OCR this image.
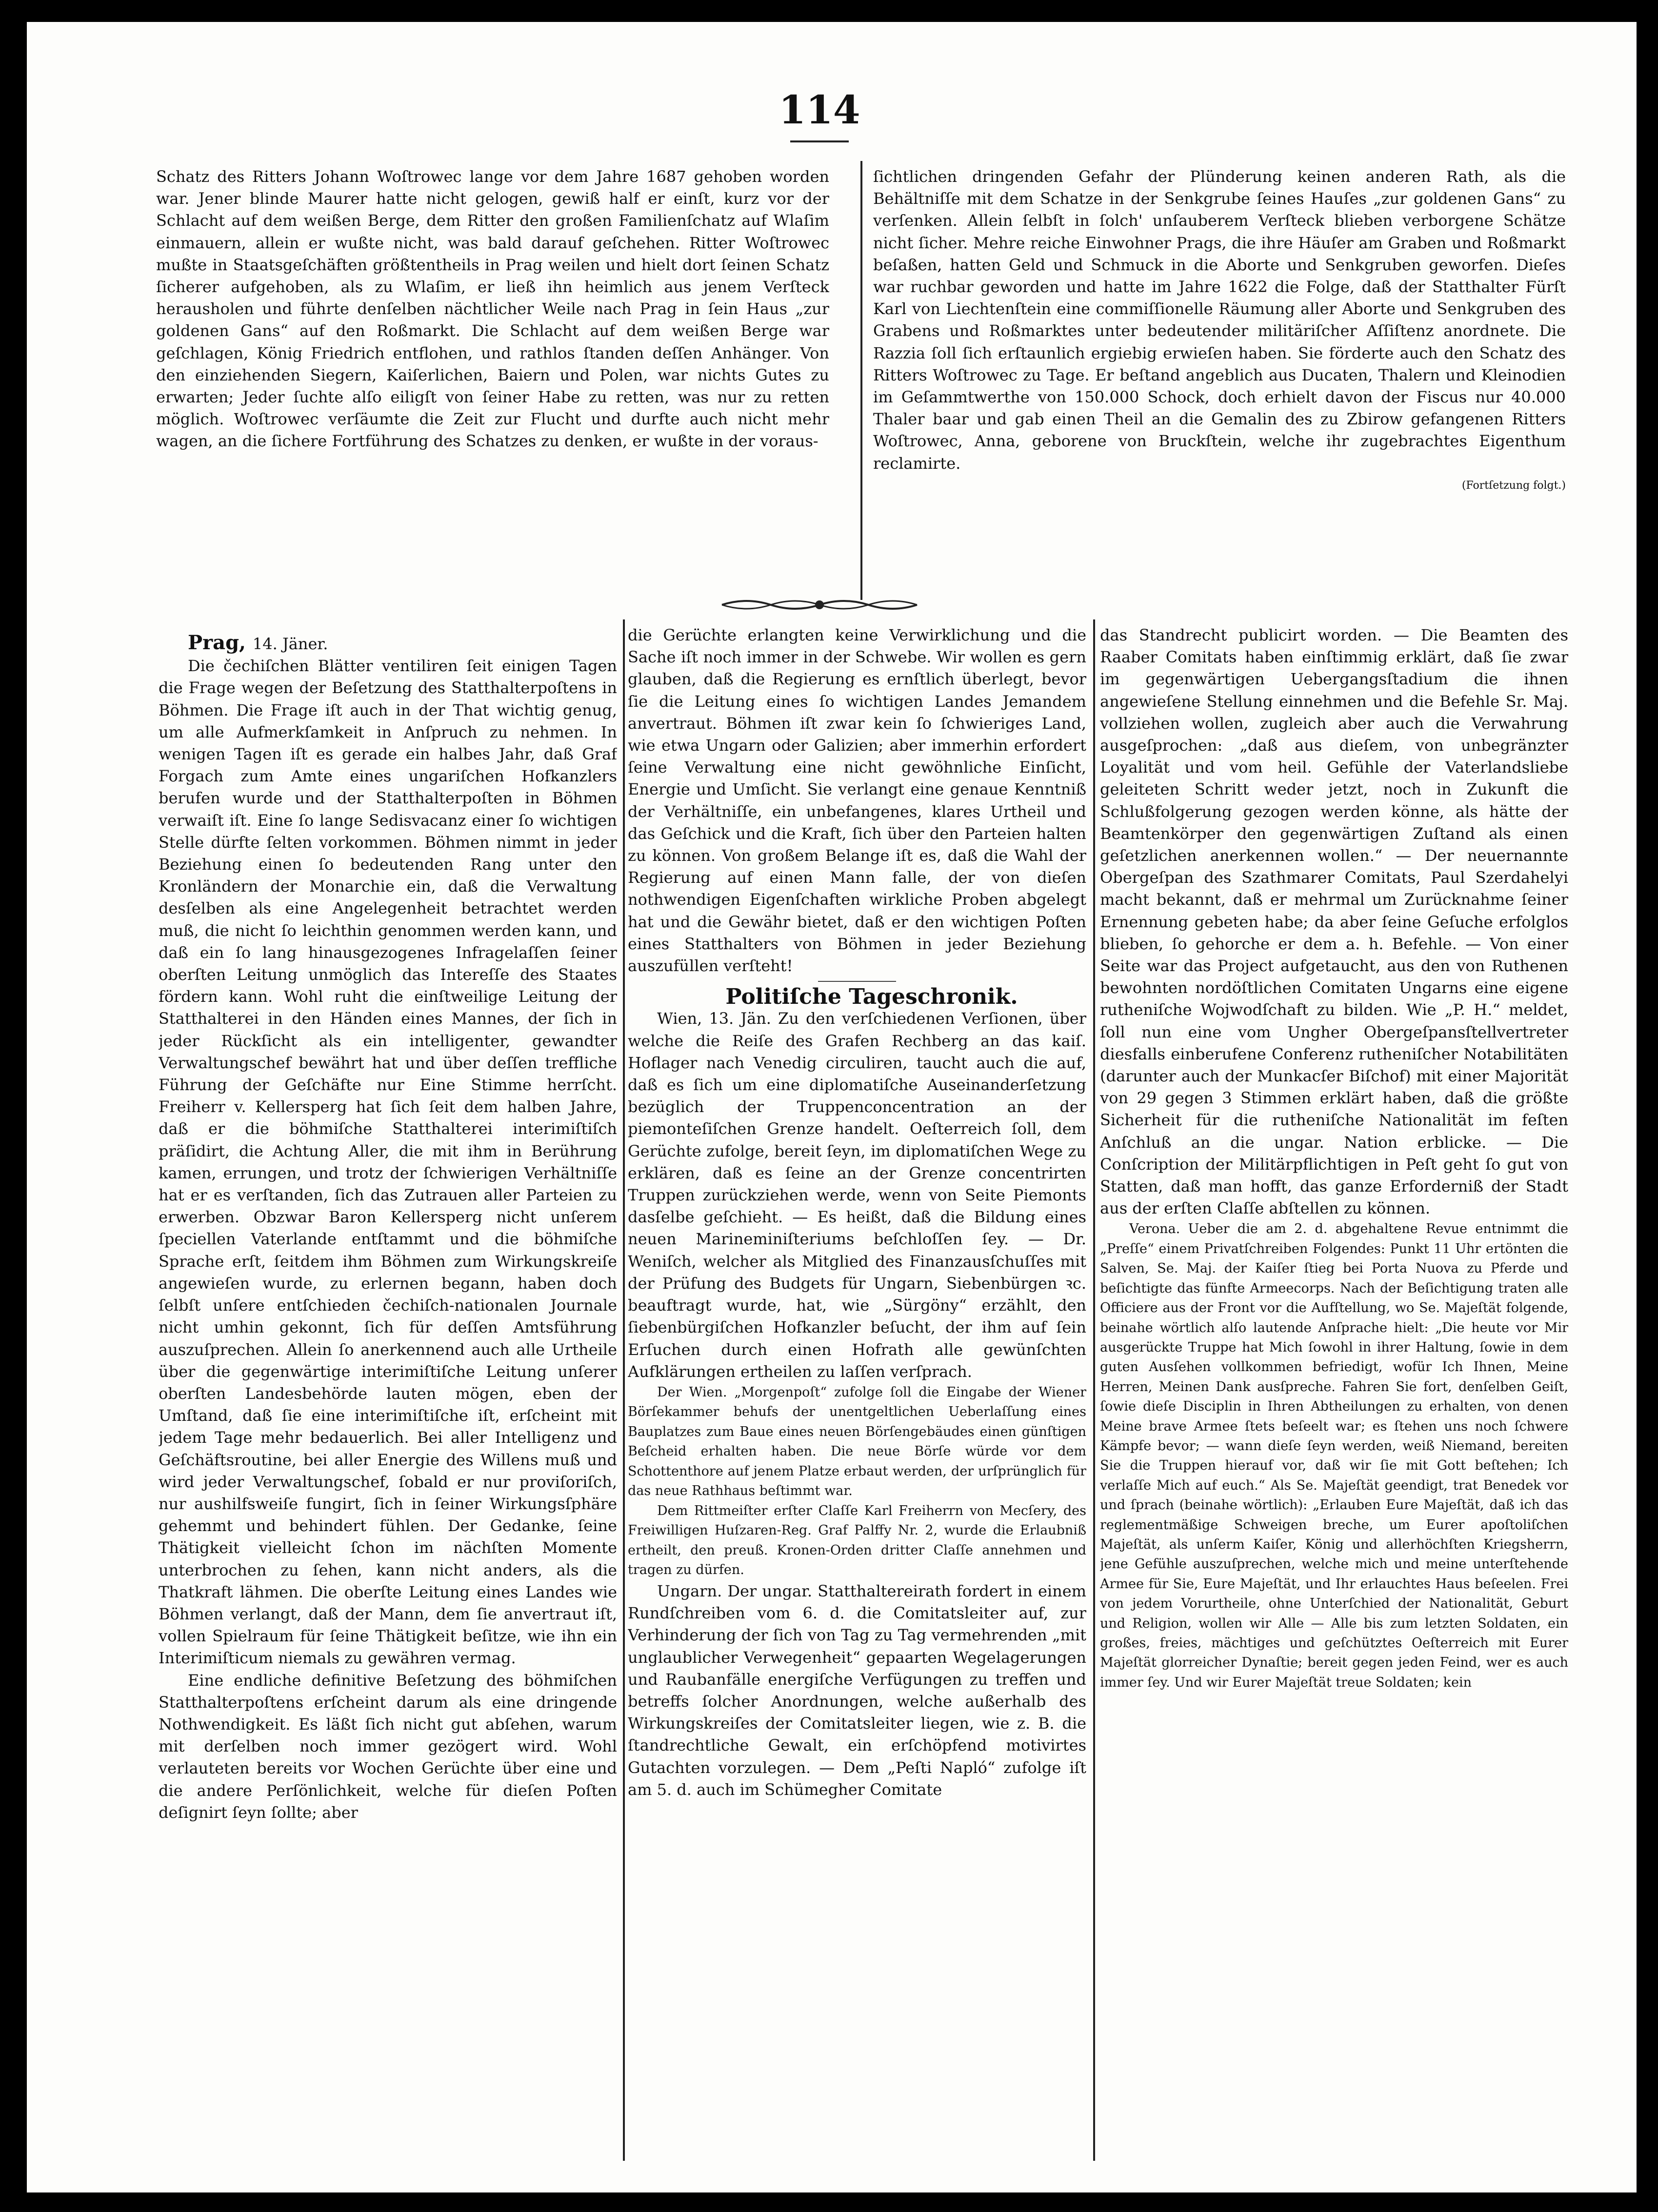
114

Schatz des Ritters Johann Woſtrowec lange vor dem Jahre 1687 gehoben worden war. Jener blinde Maurer hatte nicht gelogen, gewiß half er einſt, kurz vor der Schlacht auf dem weißen Berge, dem Ritter den großen Familienſchatz auf Wlaſim einmauern, allein er wußte nicht, was bald darauf geſchehen. Ritter Woſtrowec mußte in Staatsgeſchäften größtentheils in Prag weilen und hielt dort ſeinen Schatz ſicherer aufgehoben, als zu Wlaſim, er ließ ihn heimlich aus jenem Verſteck herausholen und führte denſelben nächtlicher Weile nach Prag in ſein Haus „zur goldenen Gans“ auf den Roßmarkt. Die Schlacht auf dem weißen Berge war geſchlagen, König Friedrich entflohen, und rathlos ſtanden deſſen Anhänger. Von den einziehenden Siegern, Kaiſerlichen, Baiern und Polen, war nichts Gutes zu erwarten; Jeder ſuchte alſo eiligſt von ſeiner Habe zu retten, was nur zu retten möglich. Woſtrowec verſäumte die Zeit zur Flucht und durfte auch nicht mehr wagen, an die ſichere Fortführung des Schatzes zu denken, er wußte in der voraus-

ſichtlichen dringenden Gefahr der Plünderung keinen anderen Rath, als die Behältniſſe mit dem Schatze in der Senkgrube ſeines Hauſes „zur goldenen Gans“ zu verſenken. Allein ſelbſt in ſolch' unſauberem Verſteck blieben verborgene Schätze nicht ſicher. Mehre reiche Einwohner Prags, die ihre Häuſer am Graben und Roßmarkt beſaßen, hatten Geld und Schmuck in die Aborte und Senkgruben geworfen. Dieſes war ruchbar geworden und hatte im Jahre 1622 die Folge, daß der Statthalter Fürſt Karl von Liechtenſtein eine commiſſionelle Räumung aller Aborte und Senkgruben des Grabens und Roßmarktes unter bedeutender militäriſcher Aſſiſtenz anordnete. Die Razzia ſoll ſich erſtaunlich ergiebig erwieſen haben. Sie förderte auch den Schatz des Ritters Woſtrowec zu Tage. Er beſtand angeblich aus Ducaten, Thalern und Kleinodien im Geſammtwerthe von 150.000 Schock, doch erhielt davon der Fiscus nur 40.000 Thaler baar und gab einen Theil an die Gemalin des zu Zbirow gefangenen Ritters Woſtrowec, Anna, geborene von Bruckſtein, welche ihr zugebrachtes Eigenthum reclamirte.

(Fortſetzung folgt.)

Prag, 14. Jäner.

Die čechiſchen Blätter ventiliren ſeit einigen Tagen die Frage wegen der Beſetzung des Statthalterpoſtens in Böhmen. Die Frage iſt auch in der That wichtig genug, um alle Aufmerkſamkeit in Anſpruch zu nehmen. In wenigen Tagen iſt es gerade ein halbes Jahr, daß Graf Forgach zum Amte eines ungariſchen Hofkanzlers berufen wurde und der Statthalterpoſten in Böhmen verwaiſt iſt. Eine ſo lange Sedisvacanz einer ſo wichtigen Stelle dürfte ſelten vorkommen. Böhmen nimmt in jeder Beziehung einen ſo bedeutenden Rang unter den Kronländern der Monarchie ein, daß die Verwaltung desſelben als eine Angelegenheit betrachtet werden muß, die nicht ſo leichthin genommen werden kann, und daß ein ſo lang hinausgezogenes Infragelaſſen ſeiner oberſten Leitung unmöglich das Intereſſe des Staates fördern kann. Wohl ruht die einſtweilige Leitung der Statthalterei in den Händen eines Mannes, der ſich in jeder Rückſicht als ein intelligenter, gewandter Verwaltungschef bewährt hat und über deſſen treffliche Führung der Geſchäfte nur Eine Stimme herrſcht. Freiherr v. Kellersperg hat ſich ſeit dem halben Jahre, daß er die böhmiſche Statthalterei interimiſtiſch präſidirt, die Achtung Aller, die mit ihm in Berührung kamen, errungen, und trotz der ſchwierigen Verhältniſſe hat er es verſtanden, ſich das Zutrauen aller Parteien zu erwerben. Obzwar Baron Kellersperg nicht unſerem ſpeciellen Vaterlande entſtammt und die böhmiſche Sprache erſt, ſeitdem ihm Böhmen zum Wirkungskreiſe angewieſen wurde, zu erlernen begann, haben doch ſelbſt unſere entſchieden čechiſch-nationalen Journale nicht umhin gekonnt, ſich für deſſen Amtsführung auszuſprechen. Allein ſo anerkennend auch alle Urtheile über die gegenwärtige interimiſtiſche Leitung unſerer oberſten Landesbehörde lauten mögen, eben der Umſtand, daß ſie eine interimiſtiſche iſt, erſcheint mit jedem Tage mehr bedauerlich. Bei aller Intelligenz und Geſchäftsroutine, bei aller Energie des Willens muß und wird jeder Verwaltungschef, ſobald er nur proviſoriſch, nur aushilfsweiſe fungirt, ſich in ſeiner Wirkungsſphäre gehemmt und behindert fühlen. Der Gedanke, ſeine Thätigkeit vielleicht ſchon im nächſten Momente unterbrochen zu ſehen, kann nicht anders, als die Thatkraft lähmen. Die oberſte Leitung eines Landes wie Böhmen verlangt, daß der Mann, dem ſie anvertraut iſt, vollen Spielraum für ſeine Thätigkeit beſitze, wie ihn ein Interimiſticum niemals zu gewähren vermag.

Eine endliche definitive Beſetzung des böhmiſchen Statthalterpoſtens erſcheint darum als eine dringende Nothwendigkeit. Es läßt ſich nicht gut abſehen, warum mit derſelben noch immer gezögert wird. Wohl verlauteten bereits vor Wochen Gerüchte über eine und die andere Perſönlichkeit, welche für dieſen Poſten deſignirt ſeyn ſollte; aber

die Gerüchte erlangten keine Verwirklichung und die Sache iſt noch immer in der Schwebe. Wir wollen es gern glauben, daß die Regierung es ernſtlich überlegt, bevor ſie die Leitung eines ſo wichtigen Landes Jemandem anvertraut. Böhmen iſt zwar kein ſo ſchwieriges Land, wie etwa Ungarn oder Galizien; aber immerhin erfordert ſeine Verwaltung eine nicht gewöhnliche Einſicht, Energie und Umſicht. Sie verlangt eine genaue Kenntniß der Verhältniſſe, ein unbefangenes, klares Urtheil und das Geſchick und die Kraft, ſich über den Parteien halten zu können. Von großem Belange iſt es, daß die Wahl der Regierung auf einen Mann falle, der von dieſen nothwendigen Eigenſchaften wirkliche Proben abgelegt hat und die Gewähr bietet, daß er den wichtigen Poſten eines Statthalters von Böhmen in jeder Beziehung auszufüllen verſteht!

Politiſche Tageschronik.

Wien, 13. Jän. Zu den verſchiedenen Verſionen, über welche die Reiſe des Grafen Rechberg an das kaiſ. Hoflager nach Venedig circuliren, taucht auch die auf, daß es ſich um eine diplomatiſche Auseinanderſetzung bezüglich der Truppenconcentration an der piemonteſiſchen Grenze handelt. Oeſterreich ſoll, dem Gerüchte zufolge, bereit ſeyn, im diplomatiſchen Wege zu erklären, daß es ſeine an der Grenze concentrirten Truppen zurückziehen werde, wenn von Seite Piemonts dasſelbe geſchieht. — Es heißt, daß die Bildung eines neuen Marineminiſteriums beſchloſſen ſey. — Dr. Weniſch, welcher als Mitglied des Finanzausſchuſſes mit der Prüfung des Budgets für Ungarn, Siebenbürgen ꝛc. beauftragt wurde, hat, wie „Sürgöny“ erzählt, den ſiebenbürgiſchen Hofkanzler beſucht, der ihm auf ſein Erſuchen durch einen Hofrath alle gewünſchten Aufklärungen ertheilen zu laſſen verſprach.

Der Wien. „Morgenpoſt“ zufolge ſoll die Eingabe der Wiener Börſekammer behufs der unentgeltlichen Ueberlaſſung eines Bauplatzes zum Baue eines neuen Börſengebäudes einen günſtigen Beſcheid erhalten haben. Die neue Börſe würde vor dem Schottenthore auf jenem Platze erbaut werden, der urſprünglich für das neue Rathhaus beſtimmt war.

Dem Rittmeiſter erſter Claſſe Karl Freiherrn von Mecſery, des Freiwilligen Huſzaren-Reg. Graf Palffy Nr. 2, wurde die Erlaubniß ertheilt, den preuß. Kronen-Orden dritter Claſſe annehmen und tragen zu dürfen.

Ungarn. Der ungar. Statthaltereirath fordert in einem Rundſchreiben vom 6. d. die Comitatsleiter auf, zur Verhinderung der ſich von Tag zu Tag vermehrenden „mit unglaublicher Verwegenheit“ gepaarten Wegelagerungen und Raubanfälle energiſche Verfügungen zu treffen und betreffs ſolcher Anordnungen, welche außerhalb des Wirkungskreiſes der Comitatsleiter liegen, wie z. B. die ſtandrechtliche Gewalt, ein erſchöpfend motivirtes Gutachten vorzulegen. — Dem „Peſti Napló“ zufolge iſt am 5. d. auch im Schümegher Comitate

das Standrecht publicirt worden. — Die Beamten des Raaber Comitats haben einſtimmig erklärt, daß ſie zwar im gegenwärtigen Uebergangsſtadium die ihnen angewieſene Stellung einnehmen und die Befehle Sr. Maj. vollziehen wollen, zugleich aber auch die Verwahrung ausgeſprochen: „daß aus dieſem, von unbegränzter Loyalität und vom heil. Gefühle der Vaterlandsliebe geleiteten Schritt weder jetzt, noch in Zukunft die Schlußfolgerung gezogen werden könne, als hätte der Beamtenkörper den gegenwärtigen Zuſtand als einen geſetzlichen anerkennen wollen.“ — Der neuernannte Obergeſpan des Szathmarer Comitats, Paul Szerdahelyi macht bekannt, daß er mehrmal um Zurücknahme ſeiner Ernennung gebeten habe; da aber ſeine Geſuche erfolglos blieben, ſo gehorche er dem a. h. Befehle. — Von einer Seite war das Project aufgetaucht, aus den von Ruthenen bewohnten nordöſtlichen Comitaten Ungarns eine eigene rutheniſche Wojwodſchaft zu bilden. Wie „P. H.“ meldet, ſoll nun eine vom Ungher Obergeſpansſtellvertreter diesfalls einberufene Conferenz rutheniſcher Notabilitäten (darunter auch der Munkacſer Biſchof) mit einer Majorität von 29 gegen 3 Stimmen erklärt haben, daß die größte Sicherheit für die rutheniſche Nationalität im feſten Anſchluß an die ungar. Nation erblicke. — Die Conſcription der Militärpflichtigen in Peſt geht ſo gut von Statten, daß man hofft, das ganze Erforderniß der Stadt aus der erſten Claſſe abſtellen zu können.

Verona. Ueber die am 2. d. abgehaltene Revue entnimmt die „Preſſe“ einem Privatſchreiben Folgendes: Punkt 11 Uhr ertönten die Salven, Se. Maj. der Kaiſer ſtieg bei Porta Nuova zu Pferde und beſichtigte das fünfte Armeecorps. Nach der Beſichtigung traten alle Officiere aus der Front vor die Aufſtellung, wo Se. Majeſtät folgende, beinahe wörtlich alſo lautende Anſprache hielt: „Die heute vor Mir ausgerückte Truppe hat Mich ſowohl in ihrer Haltung, ſowie in dem guten Ausſehen vollkommen befriedigt, wofür Ich Ihnen, Meine Herren, Meinen Dank ausſpreche. Fahren Sie fort, denſelben Geiſt, ſowie dieſe Disciplin in Ihren Abtheilungen zu erhalten, von denen Meine brave Armee ſtets beſeelt war; es ſtehen uns noch ſchwere Kämpfe bevor; — wann dieſe ſeyn werden, weiß Niemand, bereiten Sie die Truppen hierauf vor, daß wir ſie mit Gott beſtehen; Ich verlaſſe Mich auf euch.“ Als Se. Majeſtät geendigt, trat Benedek vor und ſprach (beinahe wörtlich): „Erlauben Eure Majeſtät, daß ich das reglementmäßige Schweigen breche, um Eurer apoſtoliſchen Majeſtät, als unſerm Kaiſer, König und allerhöchſten Kriegsherrn, jene Gefühle auszuſprechen, welche mich und meine unterſtehende Armee für Sie, Eure Majeſtät, und Ihr erlauchtes Haus beſeelen. Frei von jedem Vorurtheile, ohne Unterſchied der Nationalität, Geburt und Religion, wollen wir Alle — Alle bis zum letzten Soldaten, ein großes, freies, mächtiges und geſchütztes Oeſterreich mit Eurer Majeſtät glorreicher Dynaſtie; bereit gegen jeden Feind, wer es auch immer ſey. Und wir Eurer Majeſtät treue Soldaten; kein
